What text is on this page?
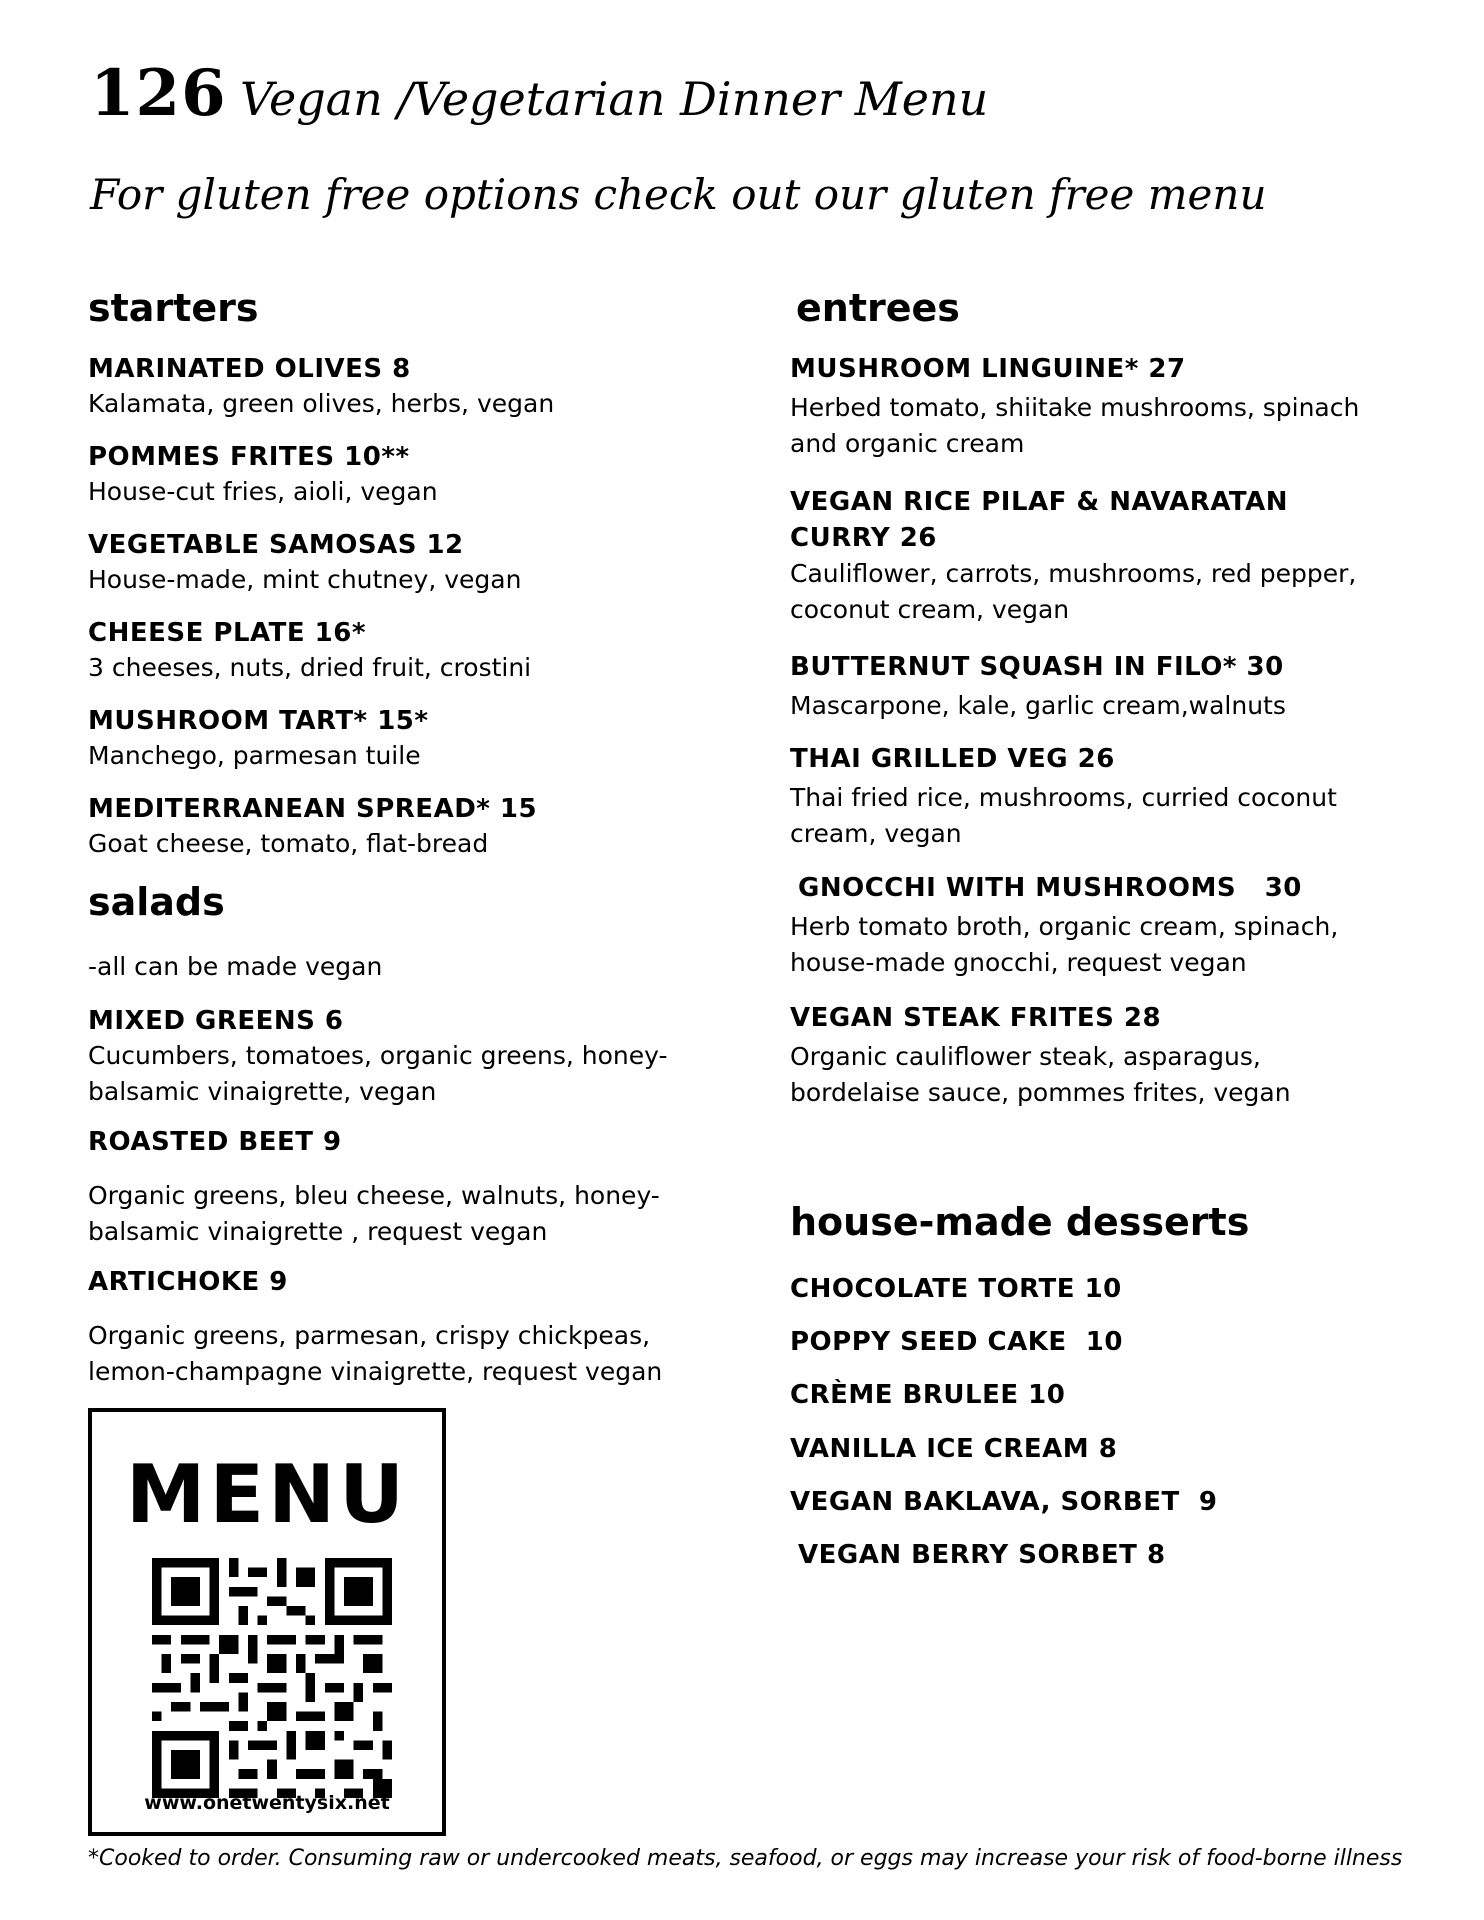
126 Vegan /Vegetarian Dinner Menu
For gluten free options check out our gluten free menu
starters
MARINATED OLIVES 8
Kalamata, green olives, herbs, vegan
POMMES FRITES 10**
House-cut fries, aioli, vegan
VEGETABLE SAMOSAS 12
House-made, mint chutney, vegan
CHEESE PLATE 16*
3 cheeses, nuts, dried fruit, crostini
MUSHROOM TART* 15*
Manchego, parmesan tuile
MEDITERRANEAN SPREAD* 15
Goat cheese, tomato, flat-bread
salads
-all can be made vegan
MIXED GREENS 6
Cucumbers, tomatoes, organic greens, honey-balsamic vinaigrette, vegan
ROASTED BEET 9
Organic greens, bleu cheese, walnuts, honey-balsamic vinaigrette , request vegan
ARTICHOKE 9
Organic greens, parmesan, crispy chickpeas, lemon-champagne vinaigrette, request vegan
MENU
www.onetwentysix.net
entrees
MUSHROOM LINGUINE* 27
Herbed tomato, shiitake mushrooms, spinach and organic cream
VEGAN RICE PILAF & NAVARATAN CURRY 26
Cauliflower, carrots, mushrooms, red pepper, coconut cream, vegan
BUTTERNUT SQUASH IN FILO* 30
Mascarpone, kale, garlic cream,walnuts
THAI GRILLED VEG 26
Thai fried rice, mushrooms, curried coconut cream, vegan
GNOCCHI WITH MUSHROOMS   30
Herb tomato broth, organic cream, spinach, house-made gnocchi, request vegan
VEGAN STEAK FRITES 28
Organic cauliflower steak, asparagus, bordelaise sauce, pommes frites, vegan
house-made desserts
CHOCOLATE TORTE 10
POPPY SEED CAKE  10
CRÈME BRULEE 10
VANILLA ICE CREAM 8
VEGAN BAKLAVA, SORBET  9
VEGAN BERRY SORBET 8
*Cooked to order. Consuming raw or undercooked meats, seafood, or eggs may increase your risk of food-borne illness
